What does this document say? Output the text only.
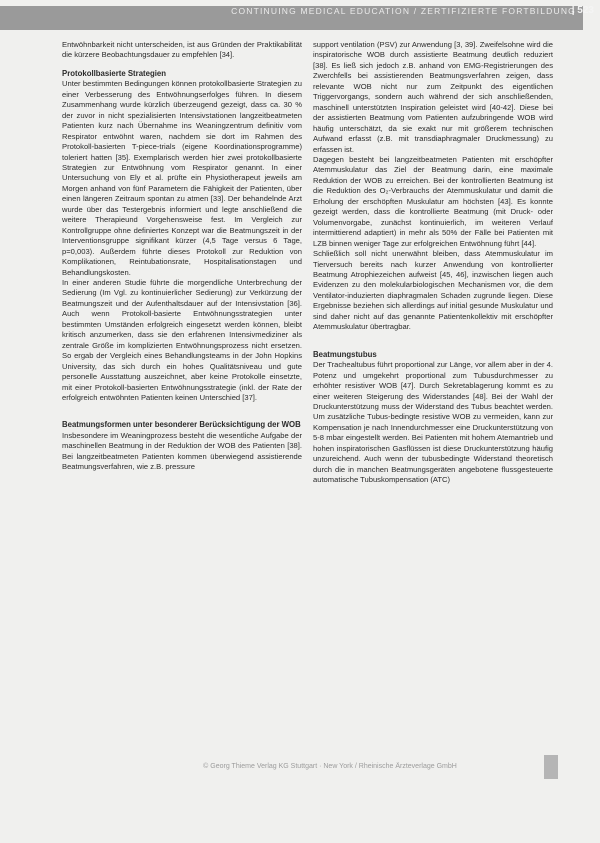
CONTINUING MEDICAL EDUCATION / ZERTIFIZIERTE FORTBILDUNG
| 523

Entwöhnbarkeit nicht unterscheiden, ist aus Gründen der Praktikabilität die kürzere Beobachtungsdauer zu empfehlen [34].

Protokollbasierte Strategien

Unter bestimmten Bedingungen können protokollbasierte Strategien zu einer Verbesserung des Entwöhnungserfolges führen. In diesem Zusammenhang wurde kürzlich überzeugend gezeigt, dass ca. 30 % der zuvor in nicht spezialisierten Intensivstationen langzeitbeatmeten Patienten kurz nach Übernahme ins Weaningzentrum definitiv vom Respirator entwöhnt waren, nachdem sie dort im Rahmen des Protokoll-basierten T-piece-trials (eigene Koordinationsprogramme) toleriert hatten [35]. Exemplarisch werden hier zwei protokollbasierte Strategien zur Entwöhnung vom Respirator genannt. In einer Untersuchung von Ely et al. prüfte ein Physiotherapeut jeweils am Morgen anhand von fünf Parametern die Fähigkeit der Patienten, über einen längeren Zeitraum spontan zu atmen [33]. Der behandelnde Arzt wurde über das Testergebnis informiert und legte anschließend die weitere Therapieund Vorgehensweise fest. Im Vergleich zur Kontrollgruppe ohne definiertes Konzept war die Beatmungszeit in der Interventionsgruppe signifikant kürzer (4,5 Tage versus 6 Tage, p=0,003). Außerdem führte dieses Protokoll zur Reduktion von Komplikationen, Reintubationsrate, Hospitalisationstagen und Behandlungskosten.

In einer anderen Studie führte die morgendliche Unterbrechung der Sedierung (Im Vgl. zu kontinuierlicher Sedierung) zur Verkürzung der Beatmungszeit und der Aufenthaltsdauer auf der Intensivstation [36]. Auch wenn Protokoll-basierte Entwöhnungsstrategien unter bestimmten Umständen erfolgreich eingesetzt werden können, bleibt kritisch anzumerken, dass sie den erfahrenen Intensivmediziner als zentrale Größe im komplizierten Entwöhnungsprozess nicht ersetzen. So ergab der Vergleich eines Behandlungsteams in der John Hopkins University, das sich durch ein hohes Qualitätsniveau und gute personelle Ausstattung auszeichnet, aber keine Protokolle einsetzte, mit einer Protokoll-basierten Entwöhnungsstrategie (inkl. der Rate der erfolgreich entwöhnten Patienten keinen Unterschied [37].

Beatmungsformen unter besonderer Berücksichtigung der WOB

Insbesondere im Weaningprozess besteht die wesentliche Aufgabe der maschinellen Beatmung in der Reduktion der WOB des Patienten [38]. Bei langzeitbeatmeten Patienten kommen überwiegend assistierende Beatmungsverfahren, wie z.B. pressure

support ventilation (PSV) zur Anwendung [3, 39]. Zweifelsohne wird die inspiratorische WOB durch assistierte Beatmung deutlich reduziert [38]. Es ließ sich jedoch z.B. anhand von EMG-Registrierungen des Zwerchfells bei assistierenden Beatmungsverfahren zeigen, dass relevante WOB nicht nur zum Zeitpunkt des eigentlichen Triggervorgangs, sondern auch während der sich anschließenden, maschinell unterstützten Inspiration geleistet wird [40-42]. Diese bei der assistierten Beatmung vom Patienten aufzubringende WOB wird häufig unterschätzt, da sie exakt nur mit größerem technischen Aufwand erfasst (z.B. mit transdiaphragmaler Druckmessung) zu erfassen ist.

Dagegen besteht bei langzeitbeatmeten Patienten mit erschöpfter Atemmuskulatur das Ziel der Beatmung darin, eine maximale Reduktion der WOB zu erreichen. Bei der kontrollierten Beatmung ist die Reduktion des O₂-Verbrauchs der Atemmuskulatur und damit die Erholung der erschöpften Muskulatur am höchsten [43]. Es konnte gezeigt werden, dass die kontrollierte Beatmung (mit Druck- oder Volumenvorgabe, zunächst kontinuierlich, im weiteren Verlauf intermittierend adaptiert) in mehr als 50% der Fälle bei Patienten mit LZB binnen weniger Tage zur erfolgreichen Entwöhnung führt [44].

Schließlich soll nicht unerwähnt bleiben, dass Atemmuskulatur im Tierversuch bereits nach kurzer Anwendung von kontrollierter Beatmung Atrophiezeichen aufweist [45, 46], inzwischen liegen auch Evidenzen zu den molekularbiologischen Mechanismen vor, die dem Ventilator-induzierten diaphragmalen Schaden zugrunde liegen. Diese Ergebnisse beziehen sich allerdings auf initial gesunde Muskulatur und sind daher nicht auf das genannte Patientenkollektiv mit erschöpfter Atemmuskulatur übertragbar.

Beatmungstubus

Der Trachealtubus führt proportional zur Länge, vor allem aber in der 4. Potenz und umgekehrt proportional zum Tubusdurchmesser zu erhöhter resistiver WOB [47]. Durch Sekretablagerung kommt es zu einer weiteren Steigerung des Widerstandes [48]. Bei der Wahl der Druckunterstützung muss der Widerstand des Tubus beachtet werden. Um zusätzliche Tubus-bedingte resistive WOB zu vermeiden, kann zur Kompensation je nach Innendurchmesser eine Druckunterstützung von 5-8 mbar eingestellt werden. Bei Patienten mit hohem Atemantrieb und hohen inspiratorischen Gasflüssen ist diese Druckunterstützung häufig unzureichend. Auch wenn der tubusbedingte Widerstand theoretisch durch die in manchen Beatmungsgeräten angebotene flussgesteuerte automatische Tubuskompensation (ATC)

© Georg Thieme Verlag KG Stuttgart · New York / Rheinische Ärzteverlage GmbH
